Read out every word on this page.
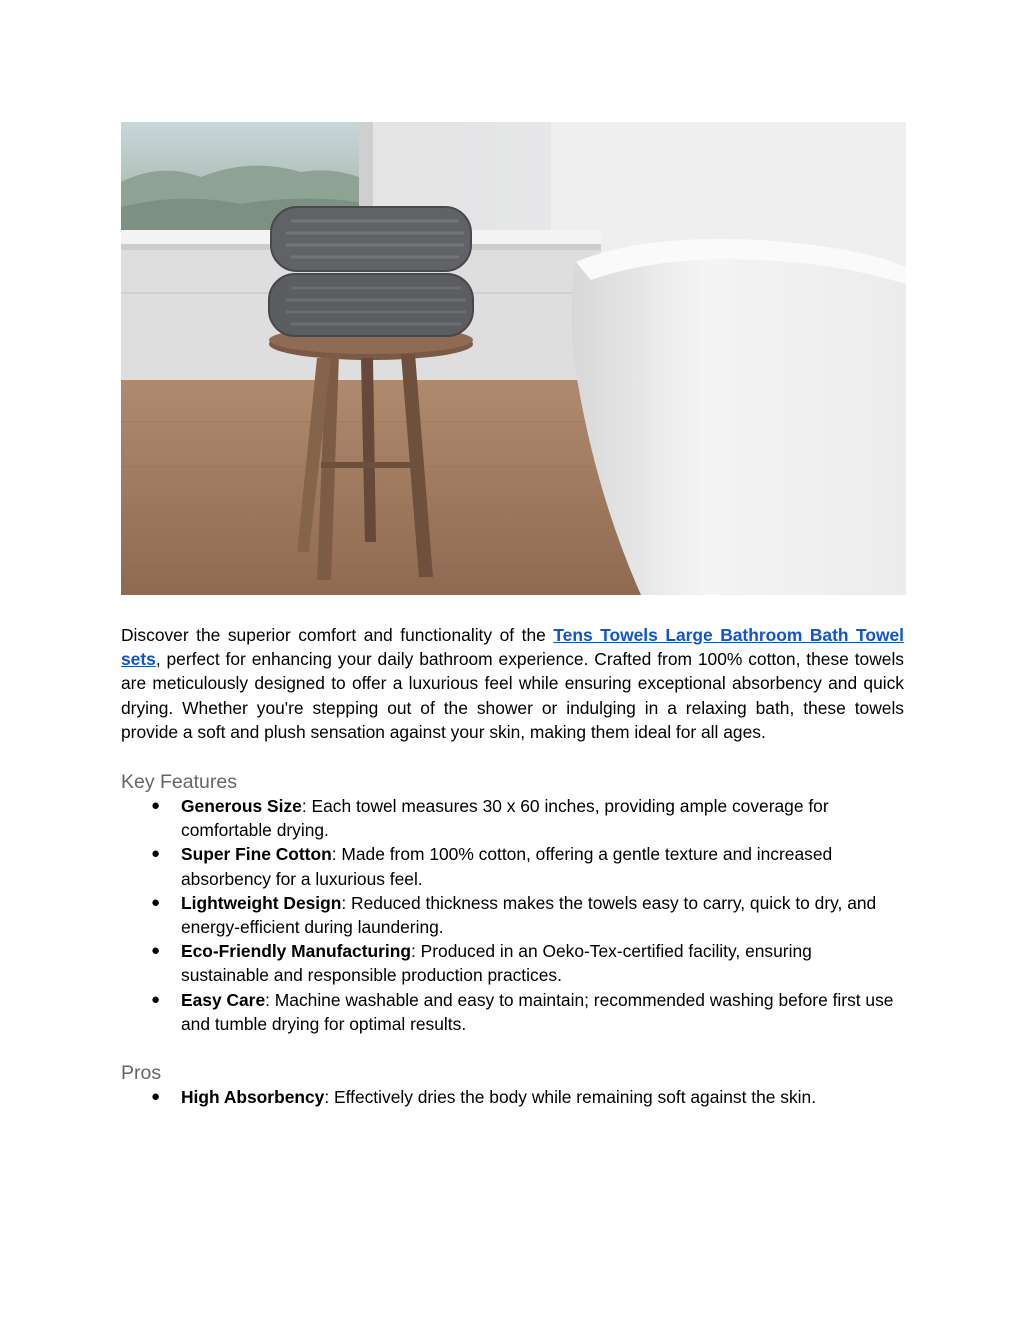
Discover the superior comfort and functionality of the Tens Towels Large Bathroom Bath Towel sets, perfect for enhancing your daily bathroom experience. Crafted from 100% cotton, these towels are meticulously designed to offer a luxurious feel while ensuring exceptional absorbency and quick drying. Whether you're stepping out of the shower or indulging in a relaxing bath, these towels provide a soft and plush sensation against your skin, making them ideal for all ages.

Key Features
● Generous Size: Each towel measures 30 x 60 inches, providing ample coverage for comfortable drying.
● Super Fine Cotton: Made from 100% cotton, offering a gentle texture and increased absorbency for a luxurious feel.
● Lightweight Design: Reduced thickness makes the towels easy to carry, quick to dry, and energy-efficient during laundering.
● Eco-Friendly Manufacturing: Produced in an Oeko-Tex-certified facility, ensuring sustainable and responsible production practices.
● Easy Care: Machine washable and easy to maintain; recommended washing before first use and tumble drying for optimal results.
Pros
● High Absorbency: Effectively dries the body while remaining soft against the skin.
